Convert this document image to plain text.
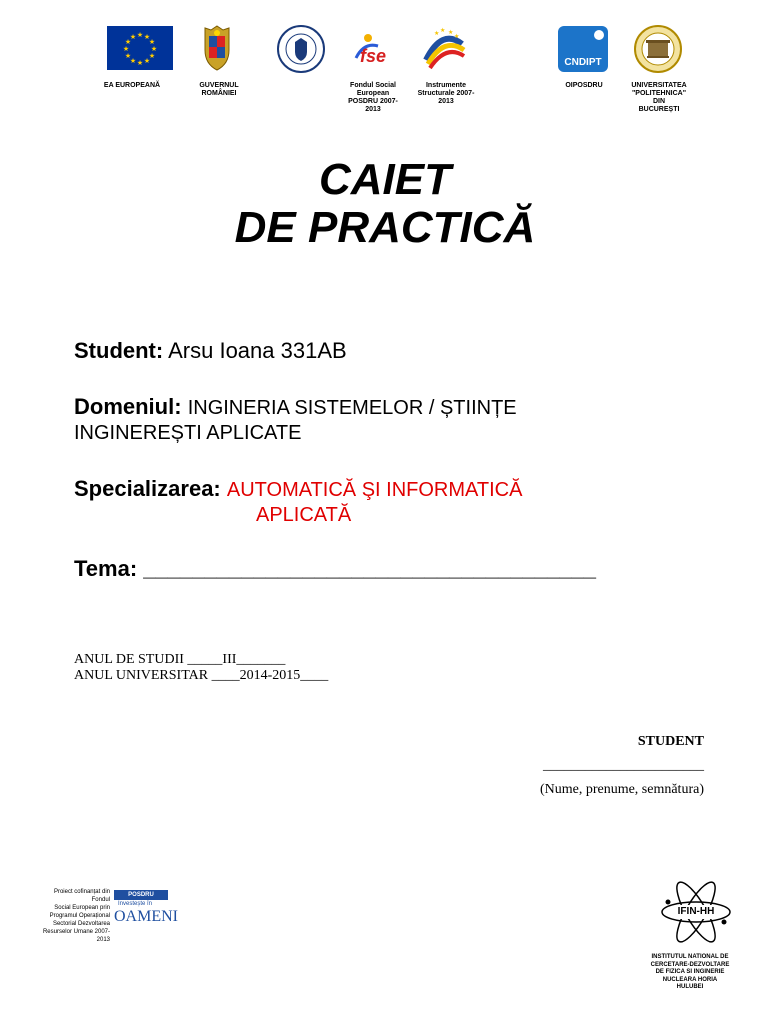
★ ★
★
★
★
★
★
★
★
★
★
★
EA EUROPEANĂ	GUVERNUL
ROMÂNIEI
fse
Fondul Social
European
POSDRU 2007-
2013
★ ★
★
★
Instrumente
Structurale 2007-
2013
CNDIPT
OIPOSDRU	UNIVERSITATEA
"POLITEHNICA"
DIN
BUCUREȘTI
CAIET
DE PRACTICĂ
Student: Arsu Ioana 331AB
Domeniul: INGINERIA SISTEMELOR / ȘTIINȚE
INGINEREȘTI APLICATE
Specializarea: AUTOMATICĂ ŞI INFORMATICĂ
APLICATĂ
Tema: _____________________________________
ANUL DE STUDII _____III_______
ANUL UNIVERSITAR ____2014-2015____
STUDENT
_______________________
(Nume, prenume, semnătura)
Proiect cofinanțat din Fondul
Social European prin
Programul Operațional
Sectorial Dezvoltarea
Resurselor Umane 2007-2013
POSDRU
Investește în
OAMENI	IFIN-HH
INSTITUTUL NATIONAL DE
CERCETARE-DEZVOLTARE
DE FIZICA SI INGINERIE
NUCLEARA HORIA
HULUBEI
